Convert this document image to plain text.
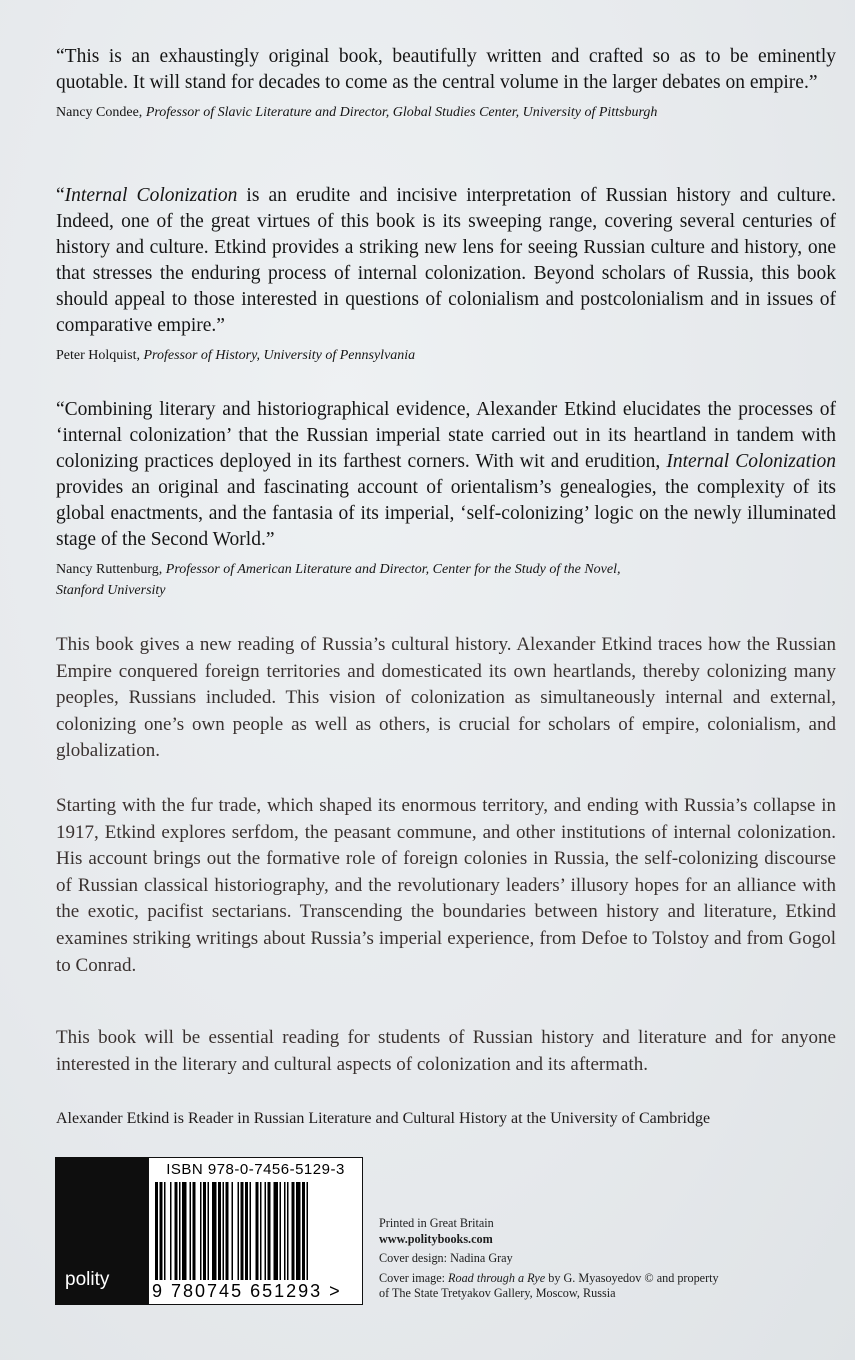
“This is an exhaustingly original book, beautifully written and crafted so as to be eminently quotable. It will stand for decades to come as the central volume in the larger debates on empire.”

Nancy Condee, Professor of Slavic Literature and Director, Global Studies Center, University of Pittsburgh

“Internal Colonization is an erudite and incisive interpretation of Russian history and culture. Indeed, one of the great virtues of this book is its sweeping range, covering several centuries of history and culture. Etkind provides a striking new lens for seeing Russian culture and history, one that stresses the enduring process of internal colonization. Beyond scholars of Russia, this book should appeal to those interested in questions of colonialism and postcolonialism and in issues of comparative empire.”

Peter Holquist, Professor of History, University of Pennsylvania

“Combining literary and historiographical evidence, Alexander Etkind elucidates the processes of ‘internal colonization’ that the Russian imperial state carried out in its heartland in tandem with colonizing practices deployed in its farthest corners. With wit and erudition, Internal Colonization provides an original and fascinating account of orientalism’s genealogies, the complexity of its global enactments, and the fantasia of its imperial, ‘self-colonizing’ logic on the newly illuminated stage of the Second World.”

Nancy Ruttenburg, Professor of American Literature and Director, Center for the Study of the Novel,
Stanford University

This book gives a new reading of Russia’s cultural history. Alexander Etkind traces how the Russian Empire conquered foreign territories and domesticated its own heartlands, thereby colonizing many peoples, Russians included. This vision of colonization as simultaneously internal and external, colonizing one’s own people as well as others, is crucial for scholars of empire, colonialism, and globalization.

Starting with the fur trade, which shaped its enormous territory, and ending with Russia’s collapse in 1917, Etkind explores serfdom, the peasant commune, and other institutions of internal colonization. His account brings out the formative role of foreign colonies in Russia, the self-colonizing discourse of Russian classical historiography, and the revolutionary leaders’ illusory hopes for an alliance with the exotic, pacifist sectarians. Transcending the boundaries between history and literature, Etkind examines striking writings about Russia’s imperial experience, from Defoe to Tolstoy and from Gogol to Conrad.

This book will be essential reading for students of Russian history and literature and for anyone interested in the literary and cultural aspects of colonization and its aftermath.

Alexander Etkind is Reader in Russian Literature and Cultural History at the University of Cambridge

polity
ISBN 978-0-7456-5129-3
9 780745 651293 >

Printed in Great Britain

www.politybooks.com

Cover design: Nadina Gray

Cover image: Road through a Rye by G. Myasoyedov © and property

of The State Tretyakov Gallery, Moscow, Russia
